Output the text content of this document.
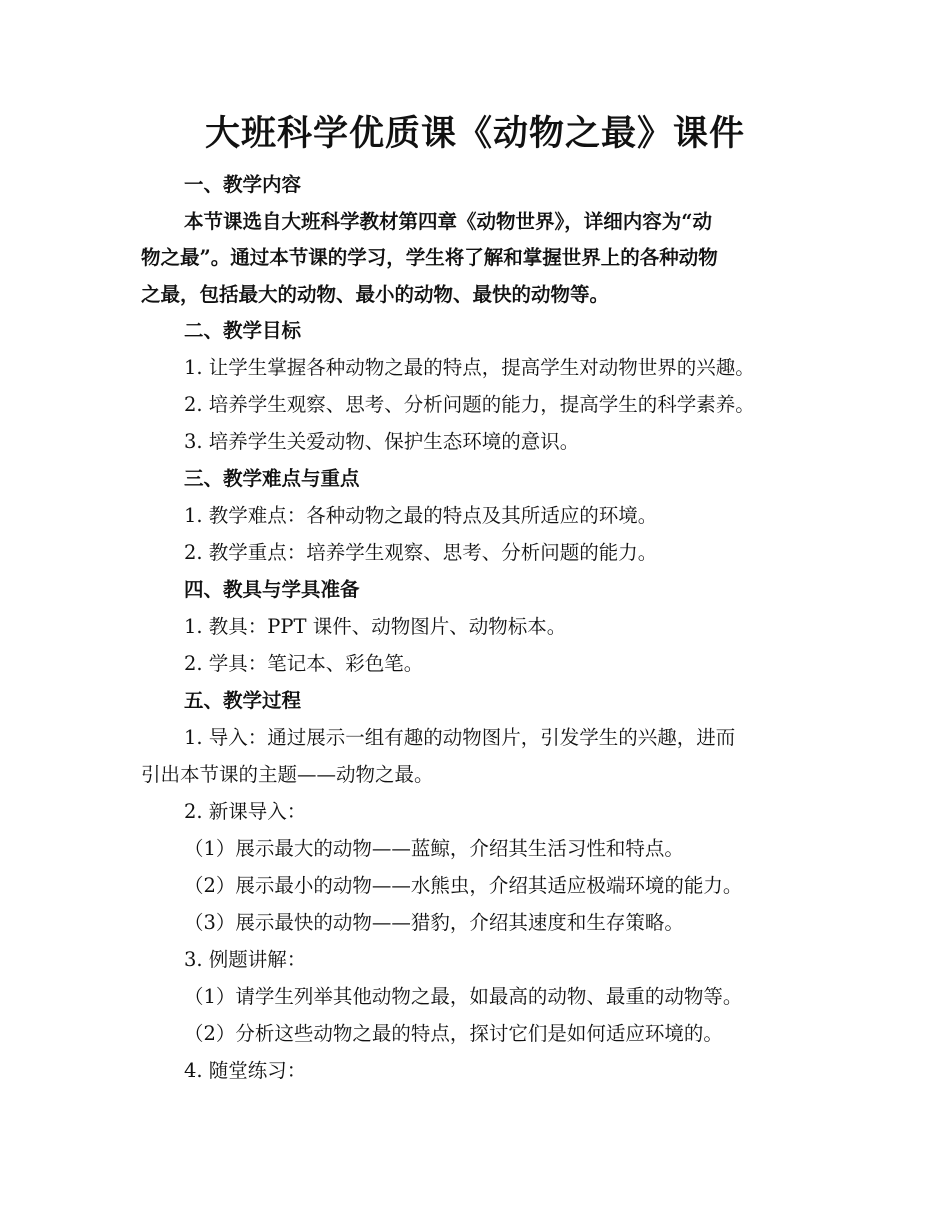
大班科学优质课《动物之最》课件
一、教学内容
本节课选自大班科学教材第四章《动物世界》，详细内容为“动
物之最”。通过本节课的学习，学生将了解和掌握世界上的各种动物
之最，包括最大的动物、最小的动物、最快的动物等。
二、教学目标
1. 让学生掌握各种动物之最的特点，提高学生对动物世界的兴趣。
2. 培养学生观察、思考、分析问题的能力，提高学生的科学素养。
3. 培养学生关爱动物、保护生态环境的意识。
三、教学难点与重点
1. 教学难点：各种动物之最的特点及其所适应的环境。
2. 教学重点：培养学生观察、思考、分析问题的能力。
四、教具与学具准备
1. 教具：PPT 课件、动物图片、动物标本。
2. 学具：笔记本、彩色笔。
五、教学过程
1. 导入：通过展示一组有趣的动物图片，引发学生的兴趣，进而
引出本节课的主题——动物之最。
2. 新课导入：
（1）展示最大的动物——蓝鲸，介绍其生活习性和特点。
（2）展示最小的动物——水熊虫，介绍其适应极端环境的能力。
（3）展示最快的动物——猎豹，介绍其速度和生存策略。
3. 例题讲解：
（1）请学生列举其他动物之最，如最高的动物、最重的动物等。
（2）分析这些动物之最的特点，探讨它们是如何适应环境的。
4. 随堂练习：
